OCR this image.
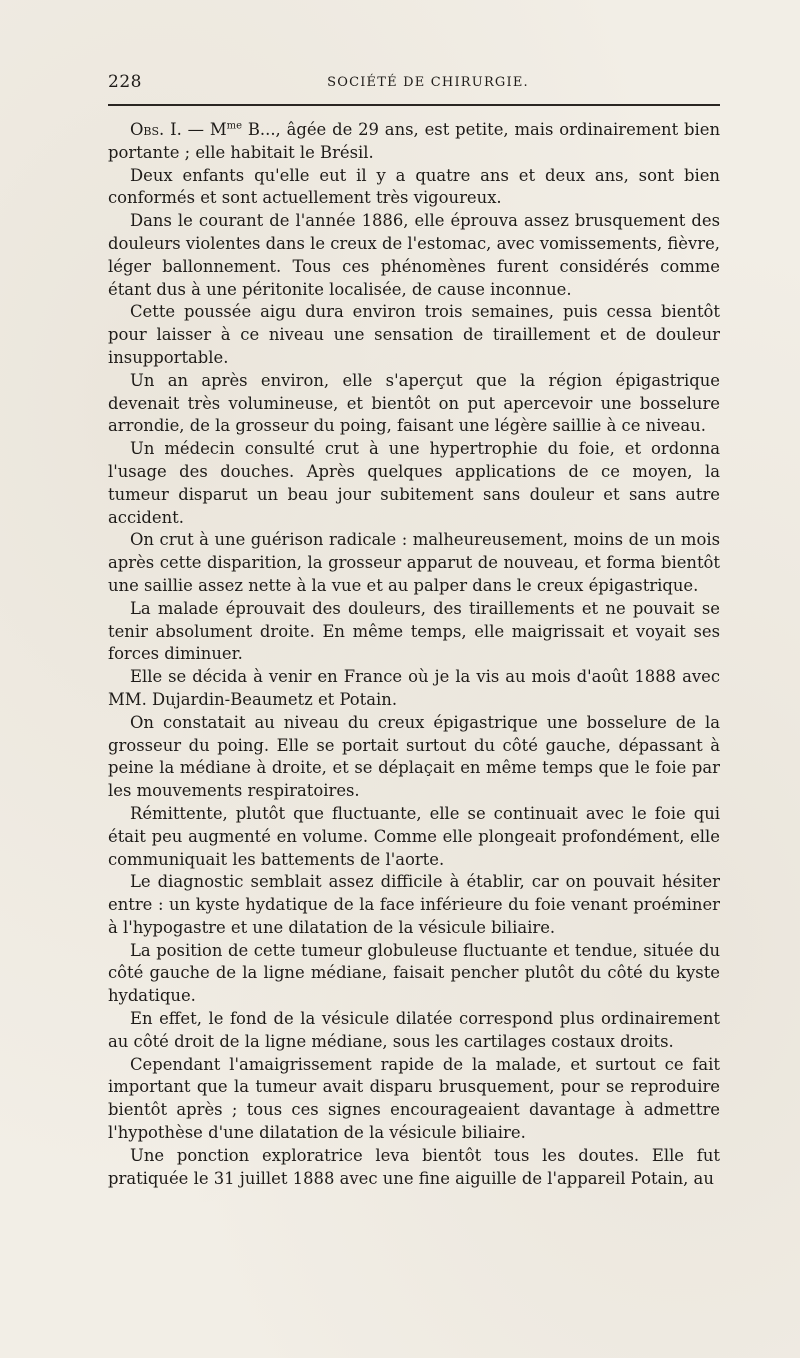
228	SOCIÉTÉ DE CHIRURGIE.

Obs. I. — $M^{me}$ B..., âgée de 29 ans, est petite, mais ordinairement bien portante ; elle habitait le Brésil.

Deux enfants qu'elle eut il y a quatre ans et deux ans, sont bien conformés et sont actuellement très vigoureux.

Dans le courant de l'année 1886, elle éprouva assez brusquement des douleurs violentes dans le creux de l'estomac, avec vomissements, fièvre, léger ballonnement. Tous ces phénomènes furent considérés comme étant dus à une péritonite localisée, de cause inconnue.

Cette poussée aigu dura environ trois semaines, puis cessa bientôt pour laisser à ce niveau une sensation de tiraillement et de douleur insupportable.

Un an après environ, elle s'aperçut que la région épigastrique devenait très volumineuse, et bientôt on put apercevoir une bosselure arrondie, de la grosseur du poing, faisant une légère saillie à ce niveau.

Un médecin consulté crut à une hypertrophie du foie, et ordonna l'usage des douches. Après quelques applications de ce moyen, la tumeur disparut un beau jour subitement sans douleur et sans autre accident.

On crut à une guérison radicale : malheureusement, moins de un mois après cette disparition, la grosseur apparut de nouveau, et forma bientôt une saillie assez nette à la vue et au palper dans le creux épigastrique.

La malade éprouvait des douleurs, des tiraillements et ne pouvait se tenir absolument droite. En même temps, elle maigrissait et voyait ses forces diminuer.

Elle se décida à venir en France où je la vis au mois d'août 1888 avec MM. Dujardin-Beaumetz et Potain.

On constatait au niveau du creux épigastrique une bosselure de la grosseur du poing. Elle se portait surtout du côté gauche, dépassant à peine la médiane à droite, et se déplaçait en même temps que le foie par les mouvements respiratoires.

Rémittente, plutôt que fluctuante, elle se continuait avec le foie qui était peu augmenté en volume. Comme elle plongeait profondément, elle communiquait les battements de l'aorte.

Le diagnostic semblait assez difficile à établir, car on pouvait hésiter entre : un kyste hydatique de la face inférieure du foie venant proéminer à l'hypogastre et une dilatation de la vésicule biliaire.

La position de cette tumeur globuleuse fluctuante et tendue, située du côté gauche de la ligne médiane, faisait pencher plutôt du côté du kyste hydatique.

En effet, le fond de la vésicule dilatée correspond plus ordinairement au côté droit de la ligne médiane, sous les cartilages costaux droits.

Cependant l'amaigrissement rapide de la malade, et surtout ce fait important que la tumeur avait disparu brusquement, pour se reproduire bientôt après ; tous ces signes encourageaient davantage à admettre l'hypothèse d'une dilatation de la vésicule biliaire.

Une ponction exploratrice leva bientôt tous les doutes. Elle fut pratiquée le 31 juillet 1888 avec une fine aiguille de l'appareil Potain, au
